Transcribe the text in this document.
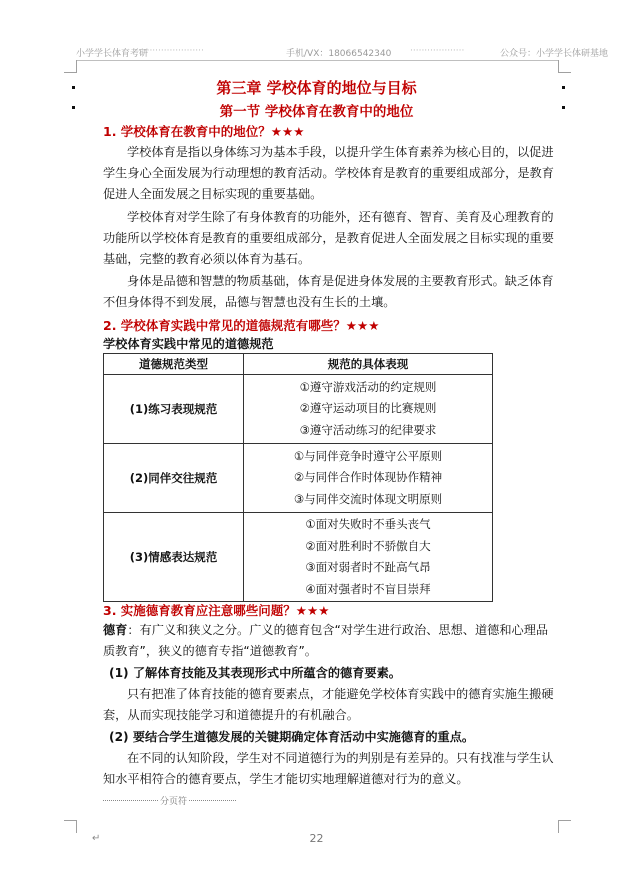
小学学长体育考研
·······················	手机/VX：18066542340 ···················	公众号：小学学长体研基地
第三章 学校体育的地位与目标
第一节 学校体育在教育中的地位
1. 学校体育在教育中的地位？★★★
学校体育是指以身体练习为基本手段，以提升学生体育素养为核心目的，以促进学生身心全面发展为行动理想的教育活动。学校体育是教育的重要组成部分，是教育促进人全面发展之目标实现的重要基础。
学校体育对学生除了有身体教育的功能外，还有德育、智育、美育及心理教育的功能所以学校体育是教育的重要组成部分，是教育促进人全面发展之目标实现的重要基础，完整的教育必须以体育为基石。
身体是品德和智慧的物质基础，体育是促进身体发展的主要教育形式。缺乏体育不但身体得不到发展，品德与智慧也没有生长的土壤。
2. 学校体育实践中常见的道德规范有哪些？★★★
学校体育实践中常见的道德规范
道德规范类型	规范的具体表现
(1)练习表现规范	①遵守游戏活动的约定规则
②遵守运动项目的比赛规则
③遵守活动练习的纪律要求

(2)同伴交往规范	①与同伴竞争时遵守公平原则
②与同伴合作时体现协作精神
③与同伴交流时体现文明原则

(3)情感表达规范	①面对失败时不垂头丧气
②面对胜利时不骄傲自大
③面对弱者时不趾高气昂
④面对强者时不盲目崇拜
3. 实施德育教育应注意哪些问题？★★★
德育：有广义和狭义之分。广义的德育包含“对学生进行政治、思想、道德和心理品质教育”，狭义的德育专指“道德教育”。
(1) 了解体育技能及其表现形式中所蕴含的德育要素。
只有把准了体育技能的德育要素点，才能避免学校体育实践中的德育实施生搬硬套，从而实现技能学习和道德提升的有机融合。
(2) 要结合学生道德发展的关键期确定体育活动中实施德育的重点。
在不同的认知阶段，学生对不同道德行为的判别是有差异的。只有找准与学生认知水平相符合的德育要点，学生才能切实地理解道德对行为的意义。
分页符
22
↵
